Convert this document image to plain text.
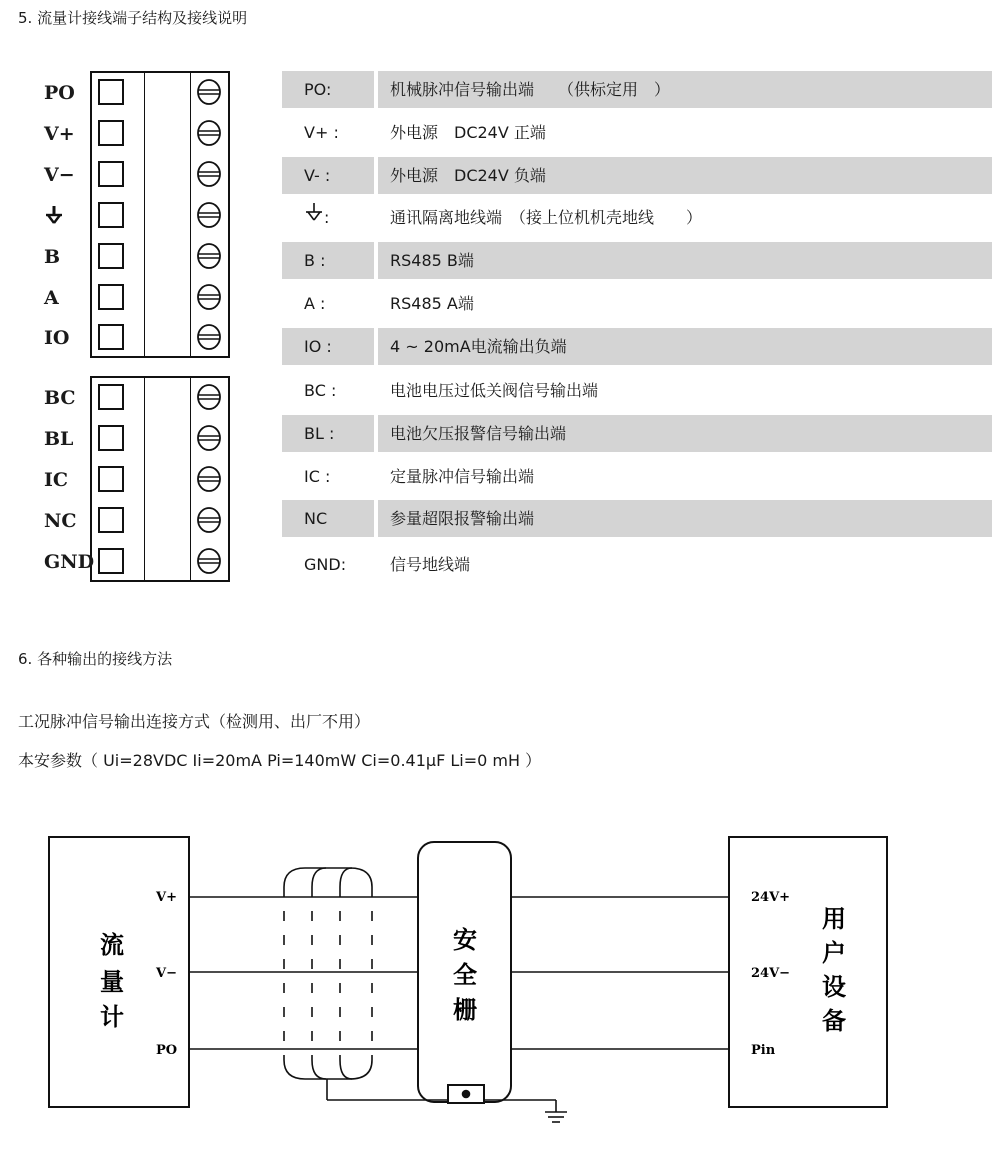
5. 流量计接线端子结构及接线说明
PO
V+
V−
B
A
IO
BC
BL
IC
NC
GND
PO:	机械脉冲信号输出端　　（供标定用　）
V+ :	外电源　DC24V 正端
V- :	外电源　DC24V 负端
:	通讯隔离地线端　（接上位机机壳地线　　）
B :	RS485 B端
A :	RS485 A端
IO :	4 ~ 20mA电流输出负端
BC :	电池电压过低关阀信号输出端
BL :	电池欠压报警信号输出端
IC :	定量脉冲信号输出端
NC	参量超限报警输出端
GND:	信号地线端
6. 各种输出的接线方法
工况脉冲信号输出连接方式（检测用、出厂不用）
本安参数（ Ui=28VDC Ii=20mA Pi=140mW Ci=0.41μF Li=0 mH ）
流
量
计
V+
V−
PO
安
全
栅
24V+
24V−
Pin
用
户
设
备
